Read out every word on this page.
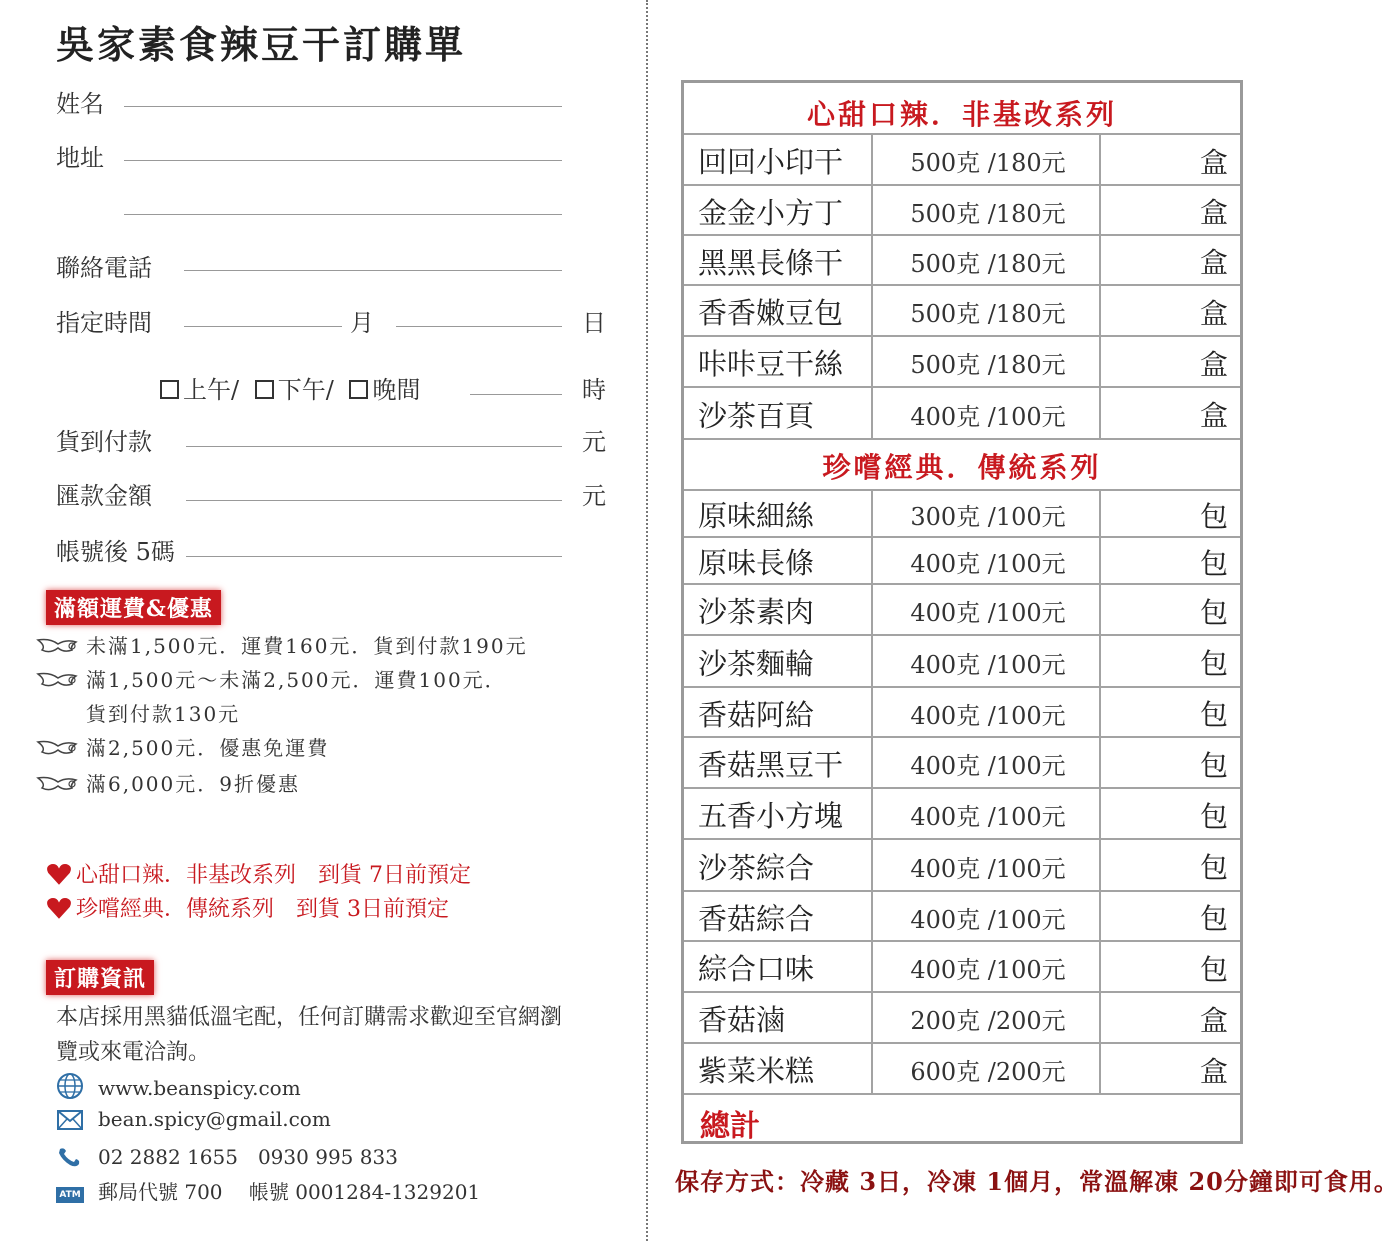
吳家素食辣豆干訂購單
姓名
地址
聯絡電話
指定時間	月	日
上午/ 下午/ 晚間	時
貨到付款	元
匯款金額	元
帳號後 5碼
滿額運費&優惠
未滿1,500元．運費160元．貨到付款190元
滿1,500元～未滿2,500元．運費100元．
貨到付款130元
滿2,500元．優惠免運費
滿6,000元．9折優惠
心甜口辣．非基改系列　到貨 7日前預定
珍嚐經典．傳統系列　到貨 3日前預定
訂購資訊
本店採用黑貓低溫宅配，任何訂購需求歡迎至官網瀏覽或來電洽詢。
www.beanspicy.com
bean.spicy@gmail.com
02 2882 1655　0930 995 833
ATM 郵局代號 700　 帳號 0001284-1329201
心甜口辣．非基改系列
回回小印干	500克 /180元	盒
金金小方丁	500克 /180元	盒
黑黑長條干	500克 /180元	盒
香香嫩豆包	500克 /180元	盒
咔咔豆干絲	500克 /180元	盒
沙茶百頁	400克 /100元	盒
珍嚐經典．傳統系列
原味細絲	300克 /100元	包
原味長條	400克 /100元	包
沙茶素肉	400克 /100元	包
沙茶麵輪	400克 /100元	包
香菇阿給	400克 /100元	包
香菇黑豆干	400克 /100元	包
五香小方塊	400克 /100元	包
沙茶綜合	400克 /100元	包
香菇綜合	400克 /100元	包
綜合口味	400克 /100元	包
香菇滷	200克 /200元	盒
紫菜米糕	600克 /200元	盒
總計
保存方式：冷藏 3日，冷凍 1個月，常溫解凍 20分鐘即可食用。
